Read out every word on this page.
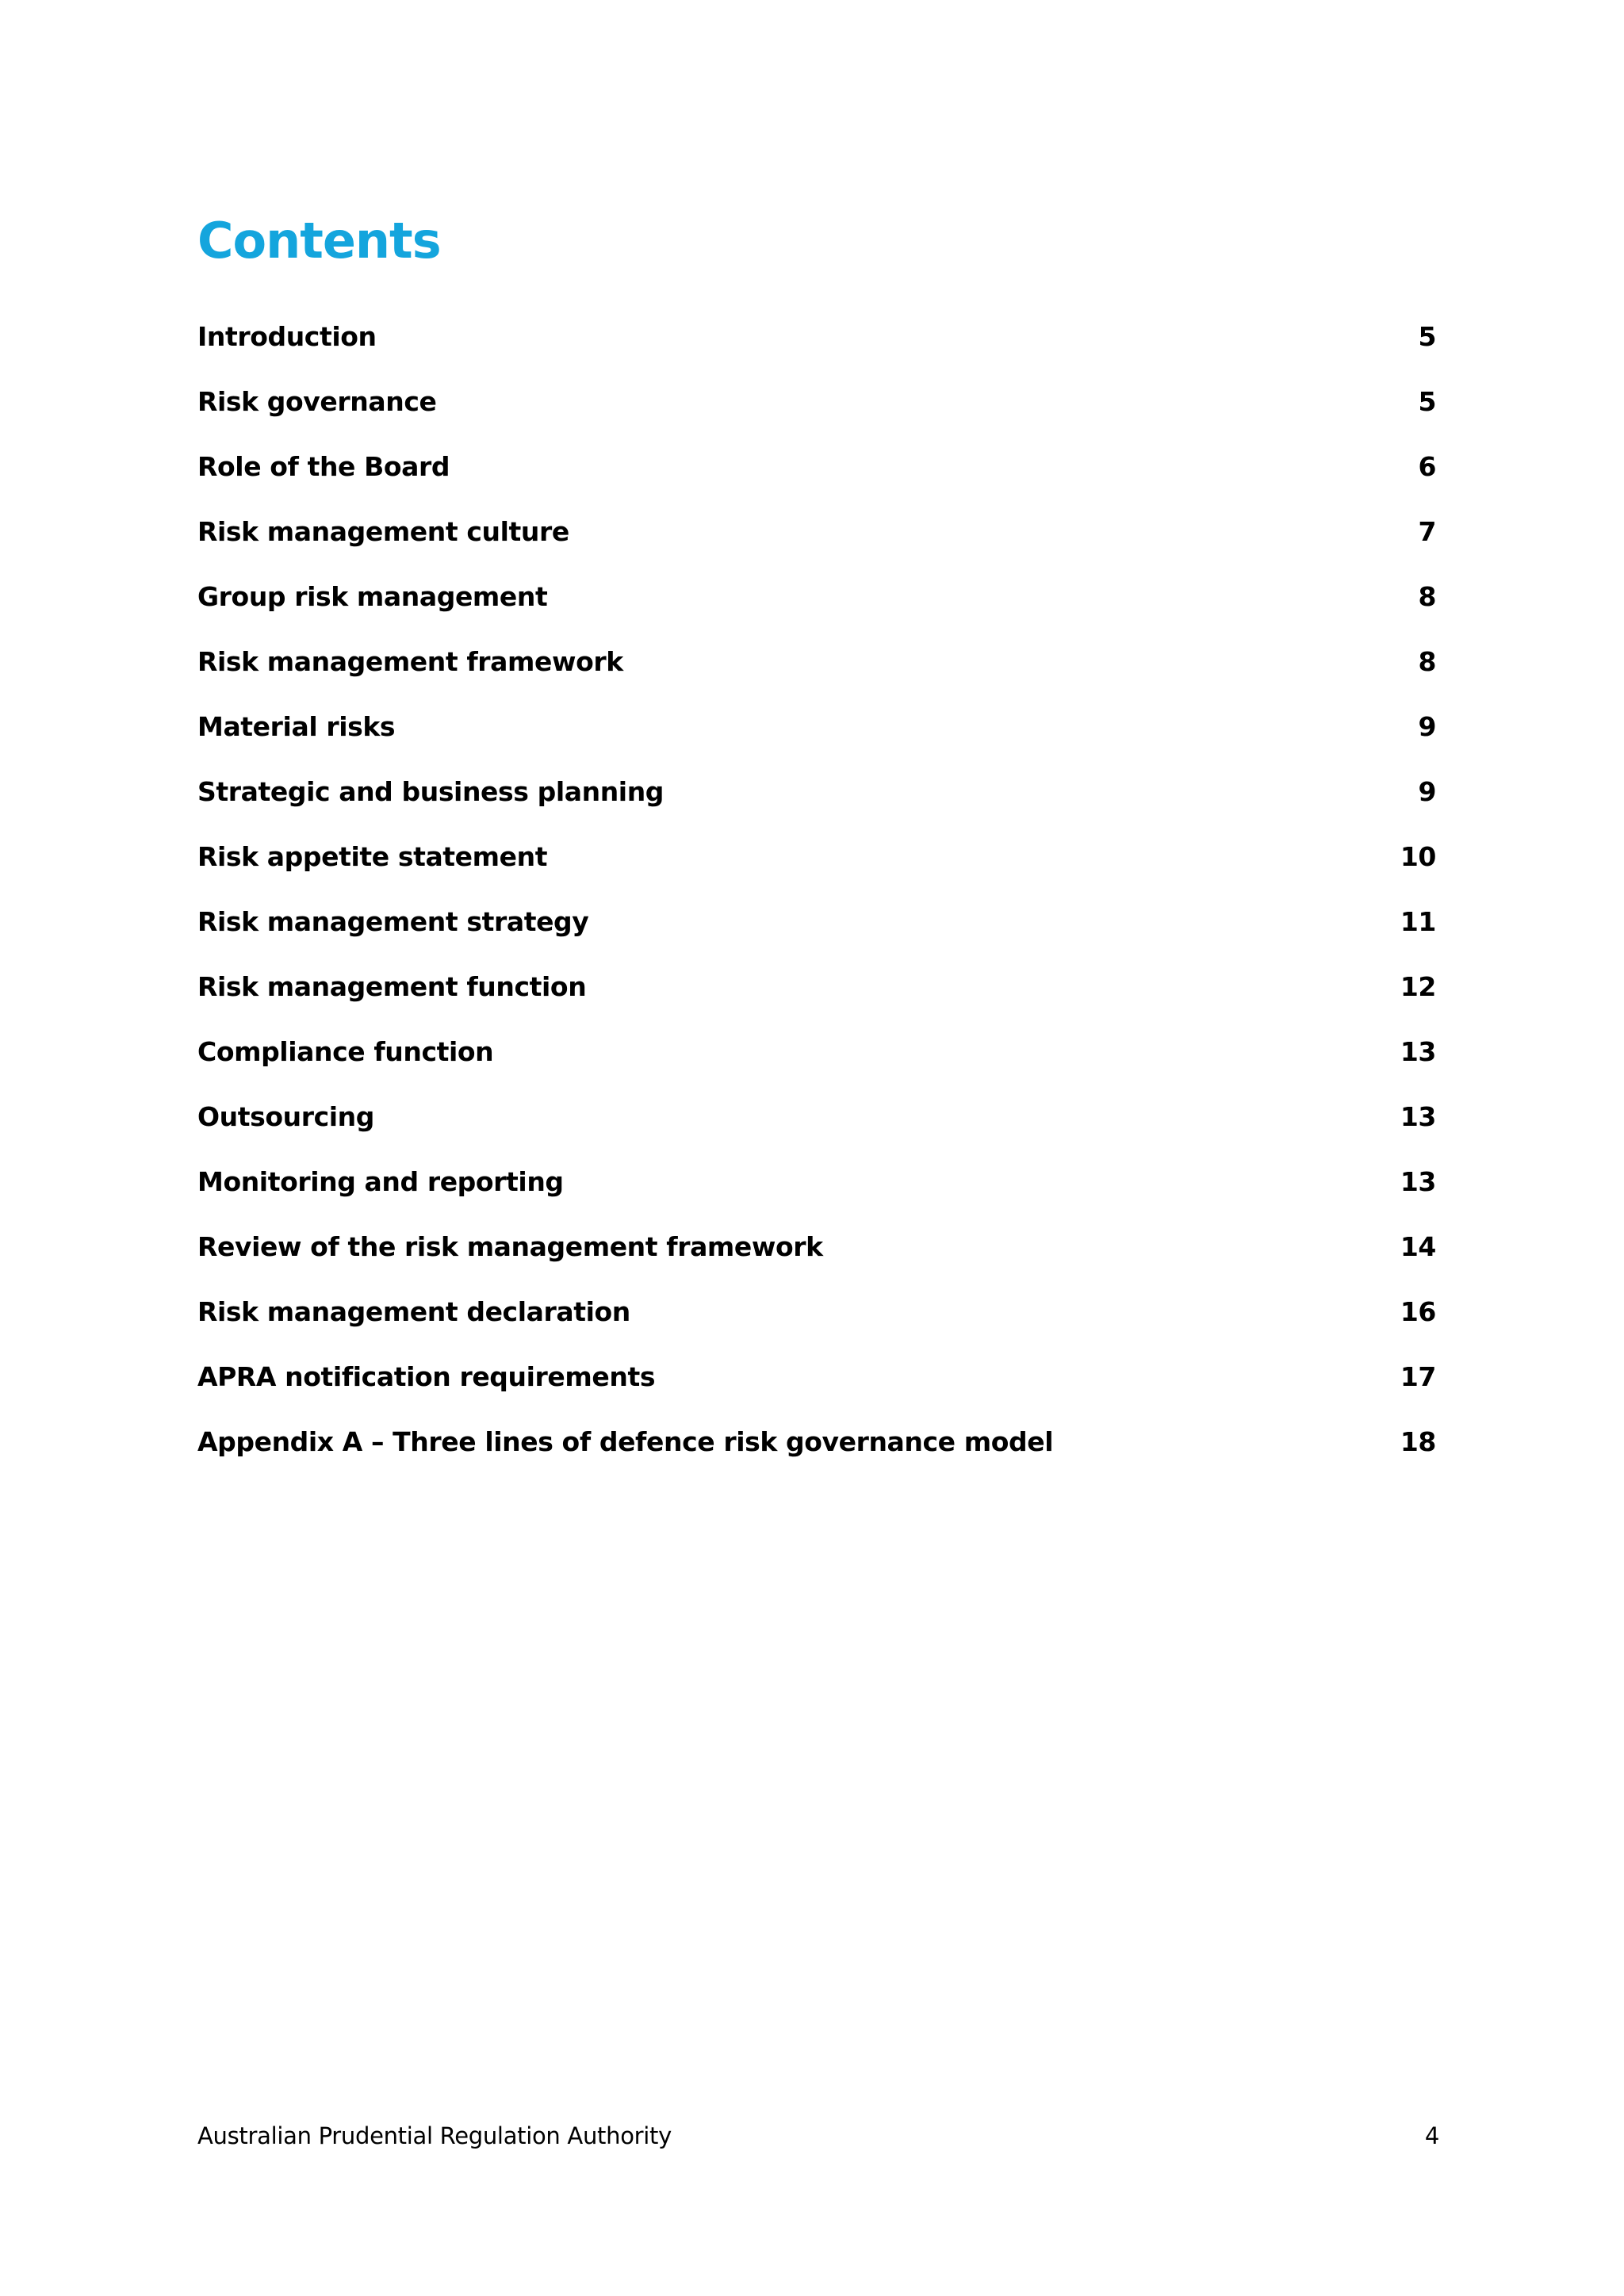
Contents
Introduction	5
Risk governance	5
Role of the Board	6
Risk management culture	7
Group risk management	8
Risk management framework	8
Material risks	9
Strategic and business planning	9
Risk appetite statement	10
Risk management strategy	11
Risk management function	12
Compliance function	13
Outsourcing	13
Monitoring and reporting	13
Review of the risk management framework	14
Risk management declaration	16
APRA notification requirements	17
Appendix A – Three lines of defence risk governance model	18
Australian Prudential Regulation Authority	4
